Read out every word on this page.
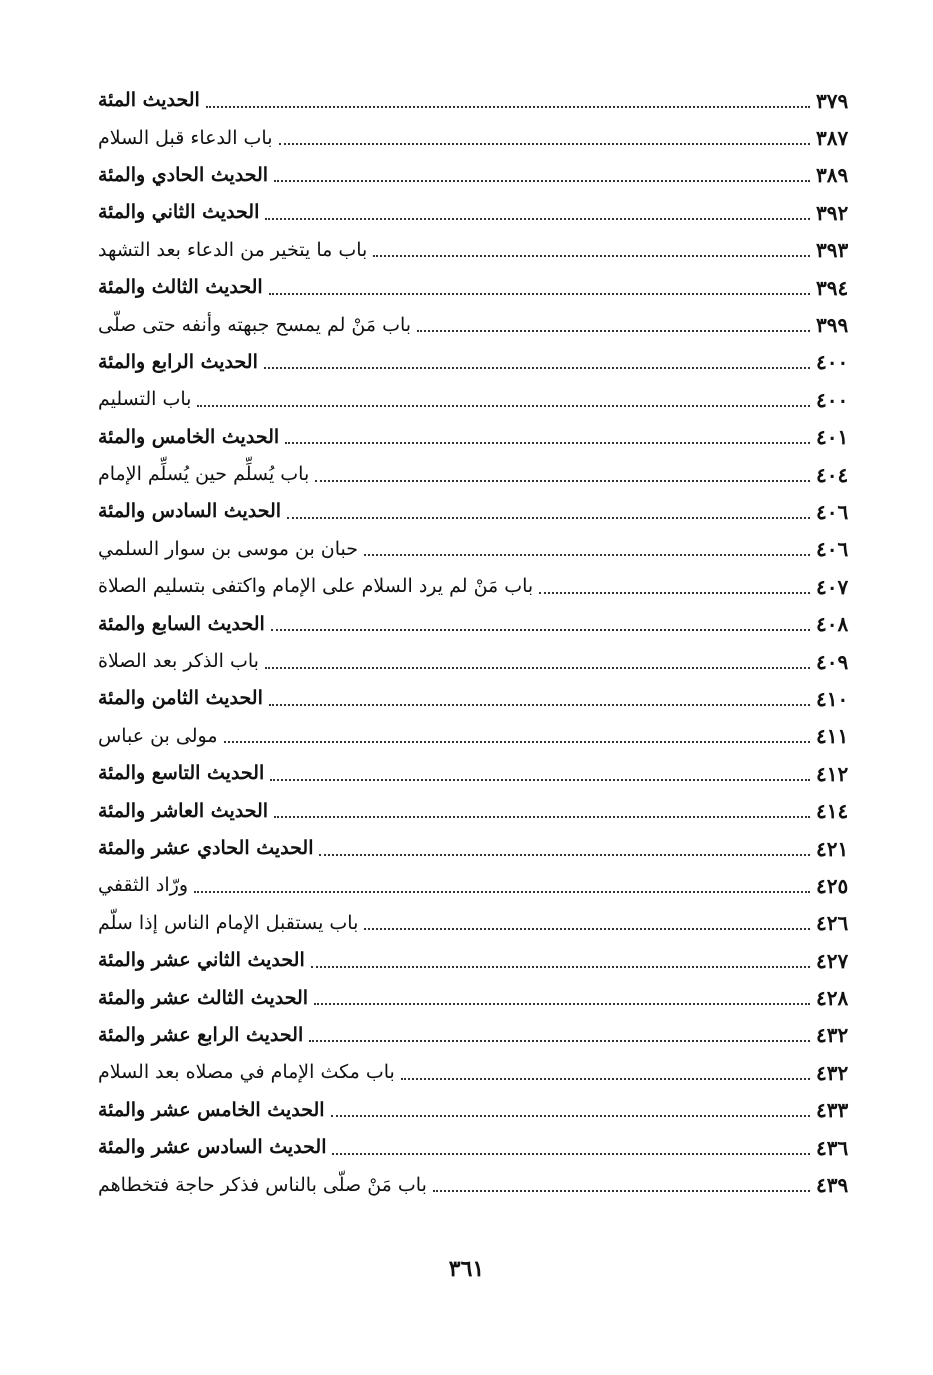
الحديث المئة	٣٧٩
باب الدعاء قبل السلام	٣٨٧
الحديث الحادي والمئة	٣٨٩
الحديث الثاني والمئة	٣٩٢
باب ما يتخير من الدعاء بعد التشهد	٣٩٣
الحديث الثالث والمئة	٣٩٤
باب مَنْ لم يمسح جبهته وأنفه حتى صلّى	٣٩٩
الحديث الرابع والمئة	٤٠٠
باب التسليم	٤٠٠
الحديث الخامس والمئة	٤٠١
باب يُسلِّم حين يُسلِّم الإمام	٤٠٤
الحديث السادس والمئة	٤٠٦
حبان بن موسى بن سوار السلمي	٤٠٦
باب مَنْ لم يرد السلام على الإمام واكتفى بتسليم الصلاة	٤٠٧
الحديث السابع والمئة	٤٠٨
باب الذكر بعد الصلاة	٤٠٩
الحديث الثامن والمئة	٤١٠
مولى بن عباس	٤١١
الحديث التاسع والمئة	٤١٢
الحديث العاشر والمئة	٤١٤
الحديث الحادي عشر والمئة	٤٢١
ورّاد الثقفي	٤٢٥
باب يستقبل الإمام الناس إذا سلّم	٤٢٦
الحديث الثاني عشر والمئة	٤٢٧
الحديث الثالث عشر والمئة	٤٢٨
الحديث الرابع عشر والمئة	٤٣٢
باب مكث الإمام في مصلاه بعد السلام	٤٣٢
الحديث الخامس عشر والمئة	٤٣٣
الحديث السادس عشر والمئة	٤٣٦
باب مَنْ صلّى بالناس فذكر حاجة فتخطاهم	٤٣٩
٣٦١
